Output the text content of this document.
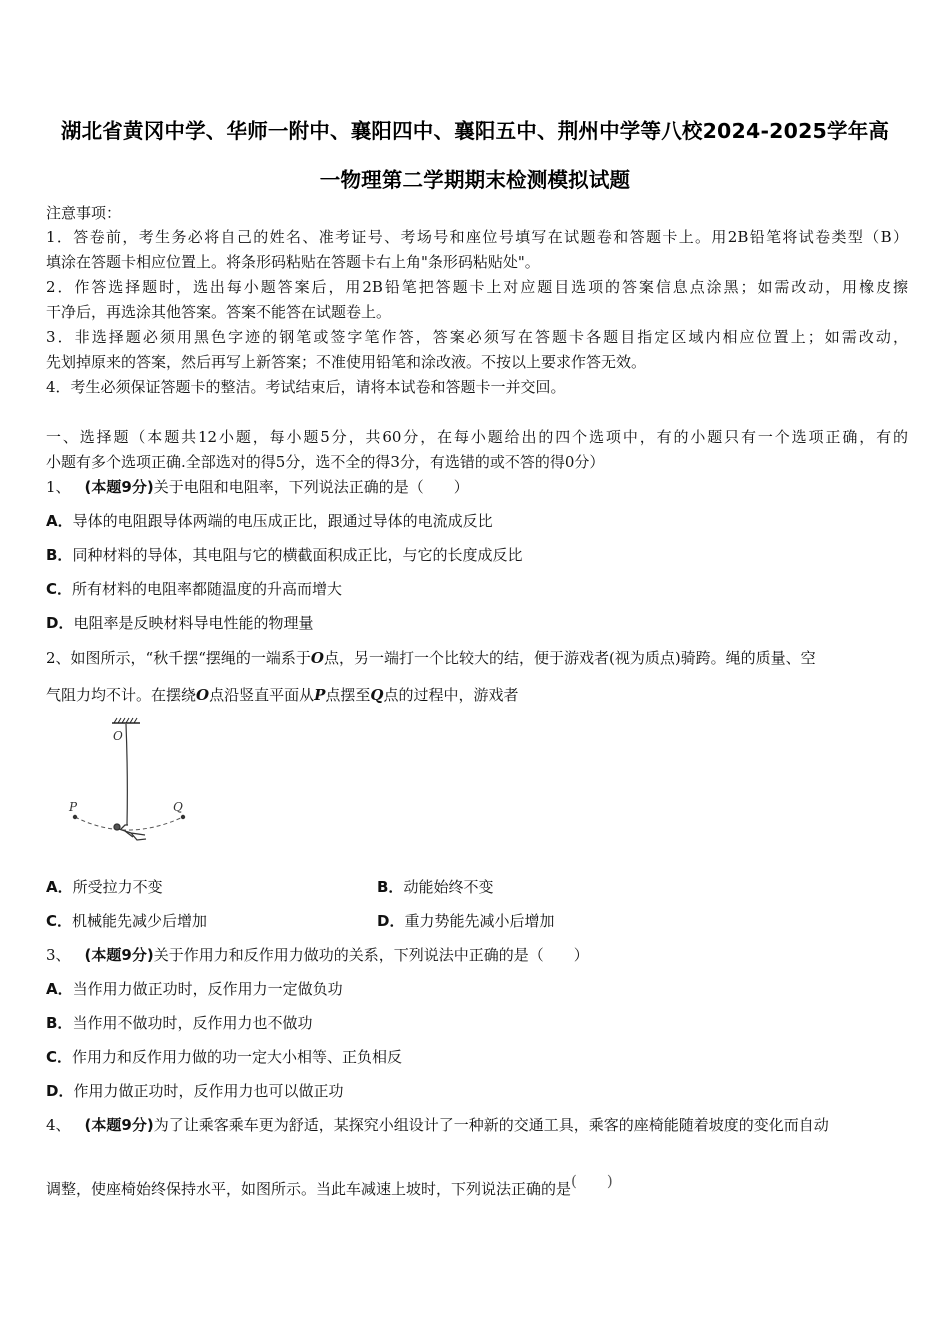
湖北省黄冈中学、华师一附中、襄阳四中、襄阳五中、荆州中学等八校2024-2025学年高
一物理第二学期期末检测模拟试题
注意事项：
1．答卷前，考生务必将自己的姓名、准考证号、考场号和座位号填写在试题卷和答题卡上。用2B铅笔将试卷类型（B）
填涂在答题卡相应位置上。将条形码粘贴在答题卡右上角"条形码粘贴处"。
2．作答选择题时，选出每小题答案后，用2B铅笔把答题卡上对应题目选项的答案信息点涂黑；如需改动，用橡皮擦
干净后，再选涂其他答案。答案不能答在试题卷上。
3．非选择题必须用黑色字迹的钢笔或签字笔作答，答案必须写在答题卡各题目指定区域内相应位置上；如需改动，
先划掉原来的答案，然后再写上新答案；不准使用铅笔和涂改液。不按以上要求作答无效。
4．考生必须保证答题卡的整洁。考试结束后，请将本试卷和答题卡一并交回。
一、选择题（本题共12小题，每小题5分，共60分，在每小题给出的四个选项中，有的小题只有一个选项正确，有的
小题有多个选项正确.全部选对的得5分，选不全的得3分，有选错的或不答的得0分）
1、 (本题9分)关于电阻和电阻率，下列说法正确的是（　　）
A．导体的电阻跟导体两端的电压成正比，跟通过导体的电流成反比
B．同种材料的导体，其电阻与它的横截面积成正比，与它的长度成反比
C．所有材料的电阻率都随温度的升高而增大
D．电阻率是反映材料导电性能的物理量
2、如图所示，“秋千摆“摆绳的一端系于O点，另一端打一个比较大的结，便于游戏者(视为质点)骑跨。绳的质量、空
气阻力均不计。在摆绕O点沿竖直平面从P点摆至Q点的过程中，游戏者
O
P	Q
A．所受拉力不变	B．动能始终不变
C．机械能先减少后增加	D．重力势能先减小后增加
3、 (本题9分)关于作用力和反作用力做功的关系，下列说法中正确的是（　　）
A．当作用力做正功时，反作用力一定做负功
B．当作用不做功时，反作用力也不做功
C．作用力和反作用力做的功一定大小相等、正负相反
D．作用力做正功时，反作用力也可以做正功
4、 (本题9分)为了让乘客乘车更为舒适，某探究小组设计了一种新的交通工具，乘客的座椅能随着坡度的变化而自动
调整，使座椅始终保持水平，如图所示。当此车减速上坡时，下列说法正确的是(　　)
